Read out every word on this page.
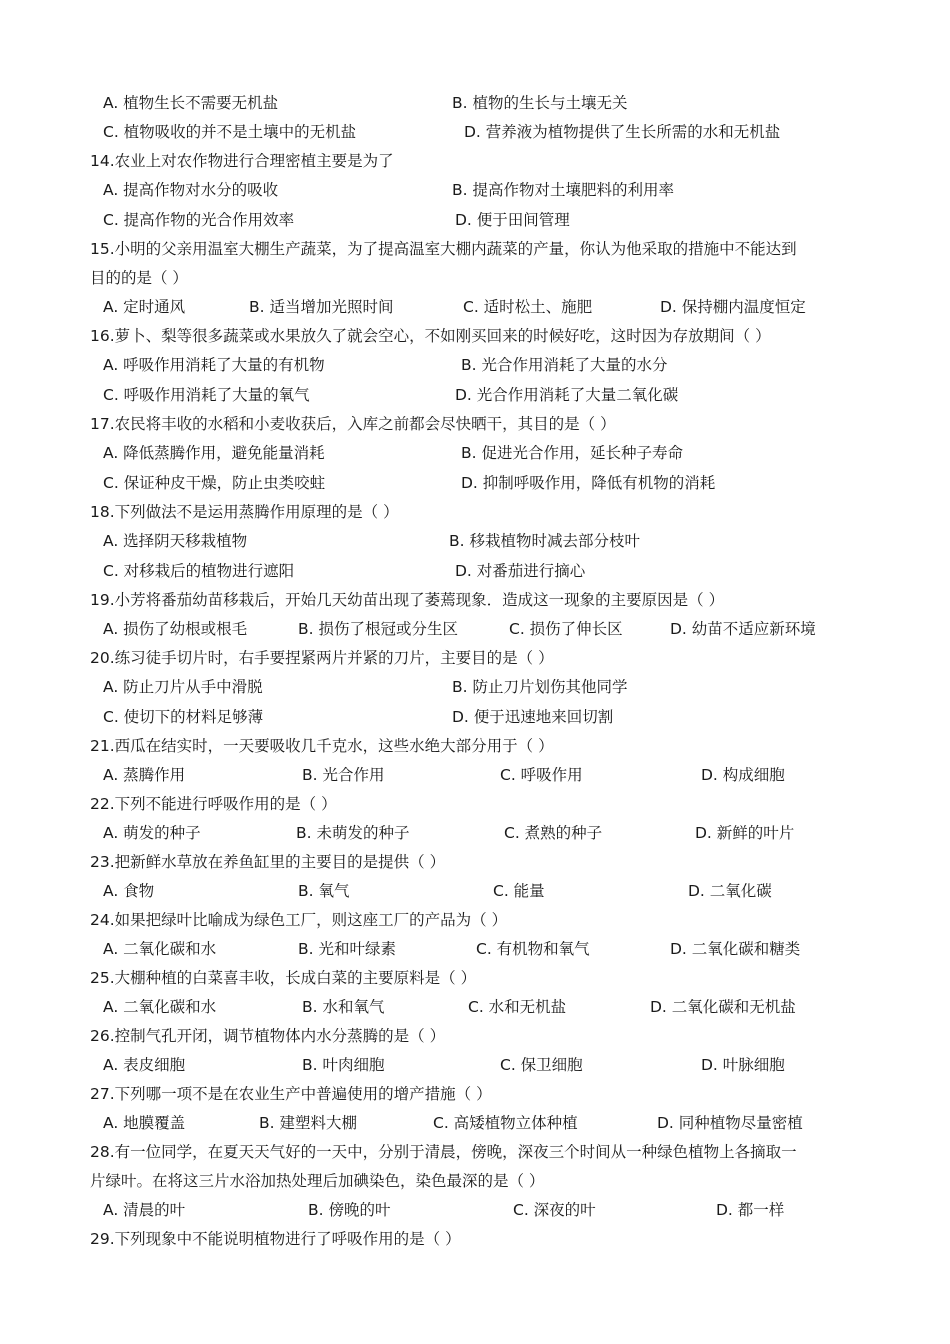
A. 植物生长不需要无机盐	B. 植物的生长与土壤无关
C. 植物吸收的并不是土壤中的无机盐	D. 营养液为植物提供了生长所需的水和无机盐
14.农业上对农作物进行合理密植主要是为了
A. 提高作物对水分的吸收	B. 提高作物对土壤肥料的利用率
C. 提高作物的光合作用效率	D. 便于田间管理
15.小明的父亲用温室大棚生产蔬菜，为了提高温室大棚内蔬菜的产量，你认为他采取的措施中不能达到
目的的是（ ）
A. 定时通风	B. 适当增加光照时间	C. 适时松土、施肥	D. 保持棚内温度恒定
16.萝卜、梨等很多蔬菜或水果放久了就会空心，不如刚买回来的时候好吃，这时因为存放期间（ ）
A. 呼吸作用消耗了大量的有机物	B. 光合作用消耗了大量的水分
C. 呼吸作用消耗了大量的氧气	D. 光合作用消耗了大量二氧化碳
17.农民将丰收的水稻和小麦收获后，入库之前都会尽快晒干，其目的是（ ）
A. 降低蒸腾作用，避免能量消耗	B. 促进光合作用，延长种子寿命
C. 保证种皮干燥，防止虫类咬蛀	D. 抑制呼吸作用，降低有机物的消耗
18.下列做法不是运用蒸腾作用原理的是（ ）
A. 选择阴天移栽植物	B. 移栽植物时减去部分枝叶
C. 对移栽后的植物进行遮阳	D. 对番茄进行摘心
19.小芳将番茄幼苗移栽后，开始几天幼苗出现了萎蔫现象．造成这一现象的主要原因是（ ）
A. 损伤了幼根或根毛	B. 损伤了根冠或分生区	C. 损伤了伸长区	D. 幼苗不适应新环境
20.练习徒手切片时，右手要捏紧两片并紧的刀片，主要目的是（ ）
A. 防止刀片从手中滑脱	B. 防止刀片划伤其他同学
C. 使切下的材料足够薄	D. 便于迅速地来回切割
21.西瓜在结实时，一天要吸收几千克水，这些水绝大部分用于（ ）
A. 蒸腾作用	B. 光合作用	C. 呼吸作用	D. 构成细胞
22.下列不能进行呼吸作用的是（ ）
A. 萌发的种子	B. 未萌发的种子	C. 煮熟的种子	D. 新鲜的叶片
23.把新鲜水草放在养鱼缸里的主要目的是提供（ ）
A. 食物	B. 氧气	C. 能量	D. 二氧化碳
24.如果把绿叶比喻成为绿色工厂，则这座工厂的产品为（ ）
A. 二氧化碳和水	B. 光和叶绿素	C. 有机物和氧气	D. 二氧化碳和糖类
25.大棚种植的白菜喜丰收，长成白菜的主要原料是（ ）
A. 二氧化碳和水	B. 水和氧气	C. 水和无机盐	D. 二氧化碳和无机盐
26.控制气孔开闭，调节植物体内水分蒸腾的是（ ）
A. 表皮细胞	B. 叶肉细胞	C. 保卫细胞	D. 叶脉细胞
27.下列哪一项不是在农业生产中普遍使用的增产措施（ ）
A. 地膜覆盖	B. 建塑料大棚	C. 高矮植物立体种植	D. 同种植物尽量密植
28.有一位同学，在夏天天气好的一天中，分别于清晨，傍晚，深夜三个时间从一种绿色植物上各摘取一
片绿叶。在将这三片水浴加热处理后加碘染色，染色最深的是（ ）
A. 清晨的叶	B. 傍晚的叶	C. 深夜的叶	D. 都一样
29.下列现象中不能说明植物进行了呼吸作用的是（ ）
